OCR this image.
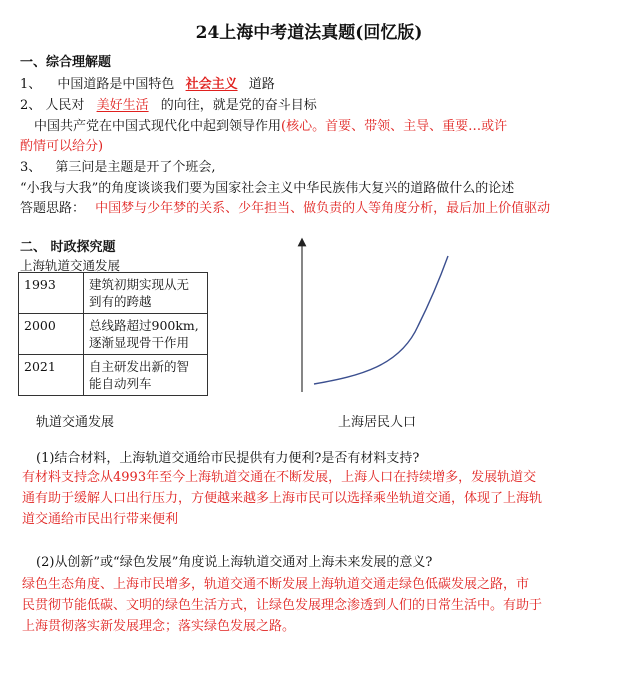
24上海中考道法真题(回忆版)
一、综合理解题
1、 中国道路是中国特色 社会主义 道路
2、 人民对 美好生活 的向往，就是党的奋斗目标
中国共产党在中国式现代化中起到领导作用(核心。首要、带领、主导、重要…或许
酌情可以给分)
3、 第三问是主题是开了个班会,
“小我与大我”的角度谈谈我们要为国家社会主义中华民族伟大复兴的道路做什么的论述
答题思路： 中国梦与少年梦的关系、少年担当、做负责的人等角度分析，最后加上价值驱动
二、 时政探究题
上海轨道交通发展
1993	建筑初期实现从无
到有的跨越
2000	总线路超过900km,
逐渐显现骨干作用
2021	自主研发出新的智
能自动列车
轨道交通发展	上海居民人口
(1)结合材料，上海轨道交通给市民提供有力便利?是否有材料支持?
有材料支持念从4993年至今上海轨道交通在不断发展，上海人口在持续增多，发展轨道交
通有助于缓解人口出行压力，方便越来越多上海市民可以选择乘坐轨道交通，体现了上海轨
道交通给市民出行带来便利
(2)从创新”或“绿色发展”角度说上海轨道交通对上海未来发展的意义?
绿色生态角度、上海市民增多，轨道交通不断发展上海轨道交通走绿色低碳发展之路，市
民贯彻节能低碳、文明的绿色生活方式，让绿色发展理念渗透到人们的日常生活中。有助于
上海贯彻落实新发展理念；落实绿色发展之路。
